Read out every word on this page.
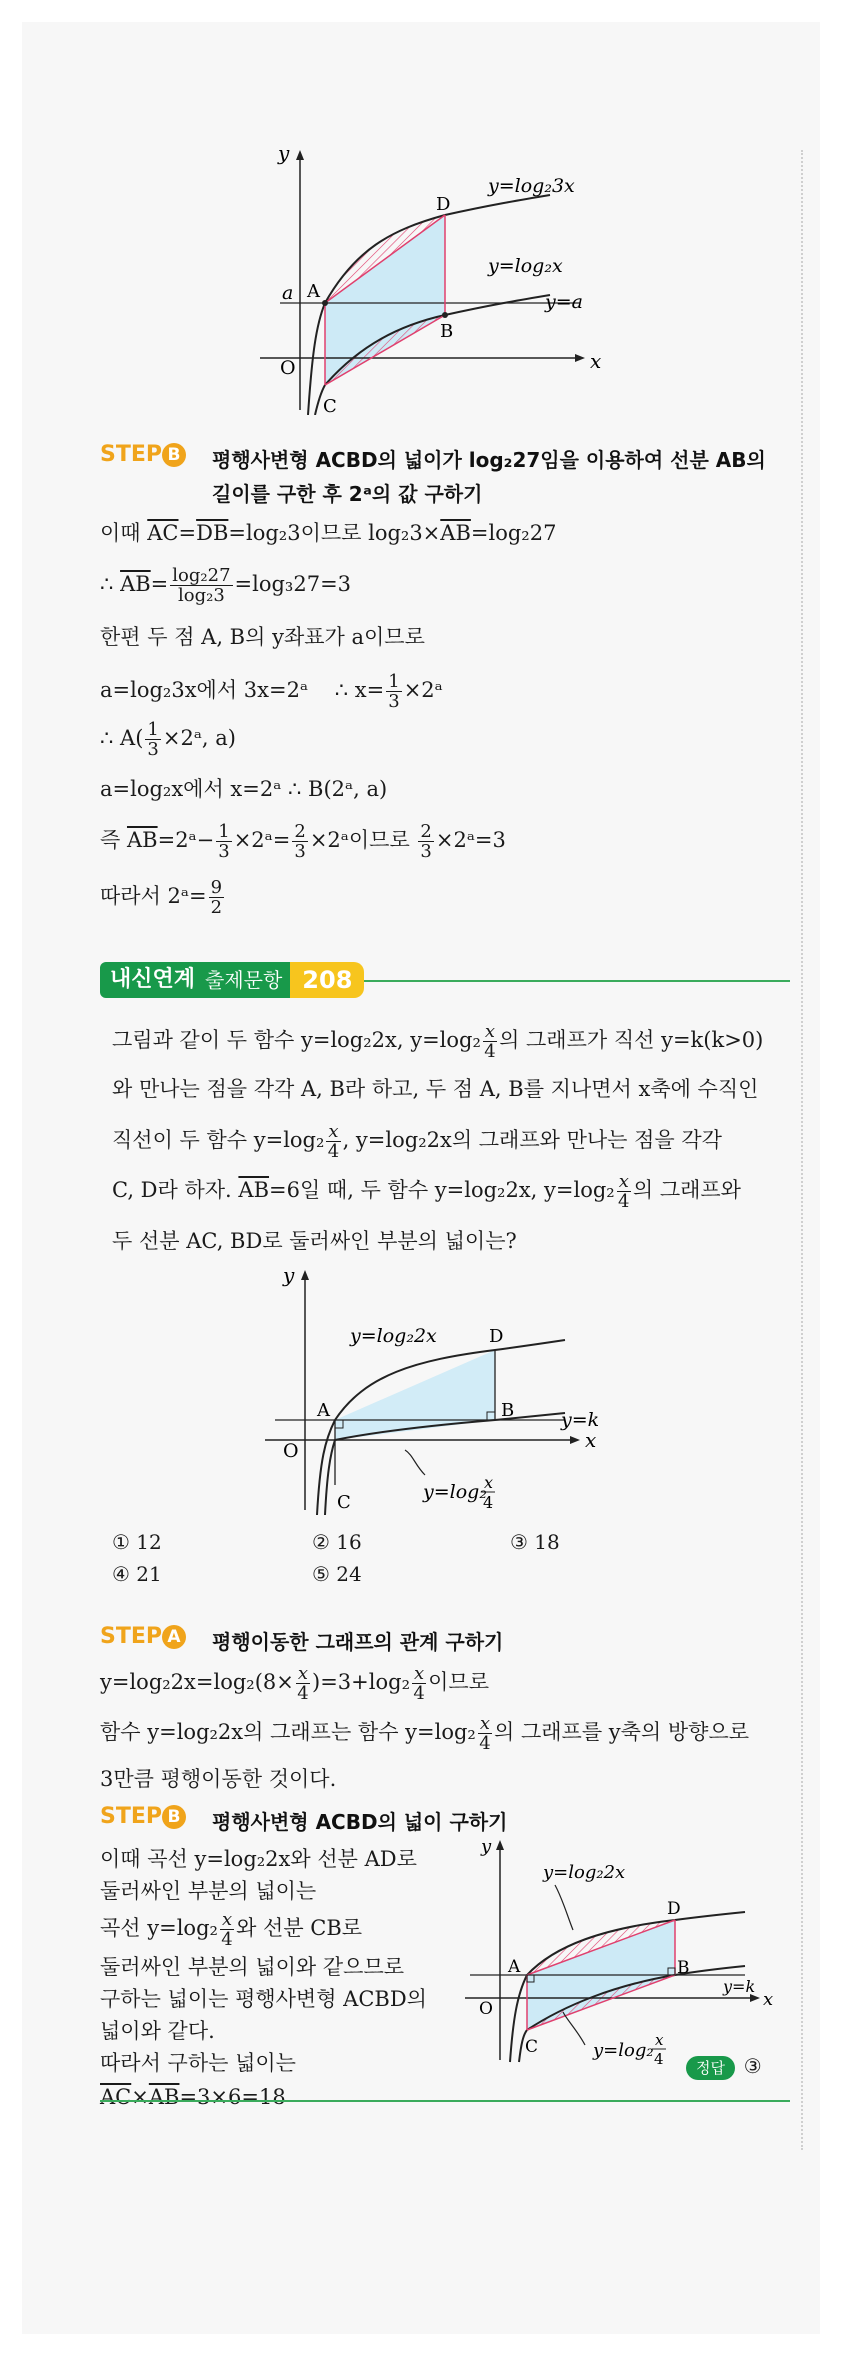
y
x
O
y=log₂3x
y=log₂x
y=a
a A
B
C
D
STEP B 평행사변형 ACBD의 넓이가 log₂27임을 이용하여 선분 AB의
길이를 구한 후 2ᵃ의 값 구하기
이때 $\overline{AC}=\overline{DB}=\log_23$이므로 $\log_23\times\overline{AB}=\log_227$
∴ $\overline{AB}= \frac{\text{log₂27}}{\text{log₂3}} =\log_327=3$
한편 두 점 A, B의 y좌표가 a이므로
a=log₂3x에서 3x=2ᵃ ∴ $x= \frac{1}{3}$ ×2ᵃ
∴ $A( \frac{1}{3}$ ×2ᵃ, a)
a=log₂x에서 x=2ᵃ ∴ B(2ᵃ, a)
즉 $\overline{AB}=2ᵃ- \frac{1}{3}$ ×2ᵃ= $\frac{2}{3}$ ×2ᵃ이므로 $\frac{2}{3}$ ×2ᵃ=3
따라서 2ᵃ= $\frac{9}{2}$
내신연계 출제문항 208
그림과 같이 두 함수 y=log₂2x, $y=\log_2 \frac{x}{4}$ 의 그래프가 직선 y=k(k>0)
와 만나는 점을 각각 A, B라 하고, 두 점 A, B를 지나면서 x축에 수직인
직선이 두 함수 $y=\log_2 \frac{x}{4}$ , y=log₂2x의 그래프와 만나는 점을 각각
C, D라 하자. $\overline{AB}=6$일 때, 두 함수 y=log₂2x, $y=\log_2 \frac{x}{4}$ 의 그래프와
두 선분 AC, BD로 둘러싸인 부분의 넓이는?
y
x
O
y=log₂2x
y=log₂
x
4
y=k
A	B
C
D
① 12	② 16	③ 18
④ 21	⑤ 24
STEP A 평행이동한 그래프의 관계 구하기
$y=\log_22x=\log_2(8\times \frac{x}{4} )=3+\log_2 \frac{x}{4}$ 이므로
함수 y=log₂2x의 그래프는 함수 $y=\log_2 \frac{x}{4}$ 의 그래프를 y축의 방향으로
3만큼 평행이동한 것이다.
STEP B 평행사변형 ACBD의 넓이 구하기
이때 곡선 y=log₂2x와 선분 AD로
둘러싸인 부분의 넓이는
곡선 $y=\log_2 \frac{x}{4}$ 와 선분 CB로
둘러싸인 부분의 넓이와 같으므로
구하는 넓이는 평행사변형 ACBD의
넓이와 같다.
따라서 구하는 넓이는
$\overline{AC}\times\overline{AB}=3\times 6=18$
y
x
O
y=log₂2x
y=log₂ x
4
y=k
A	B
C
D
정답 ③
